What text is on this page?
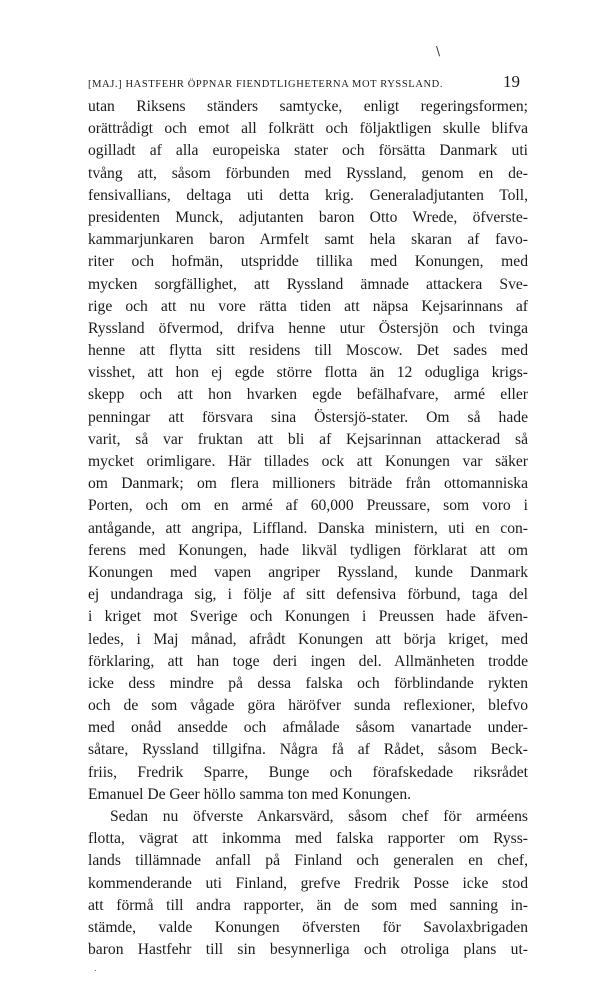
\
[MAJ.] HASTFEHR ÖPPNAR FIENDTLIGHETERNA MOT RYSSLAND.	19
utan Riksens ständers samtycke, enligt regeringsformen;
orättrådigt och emot all folkrätt och följaktligen skulle blifva
ogilladt af alla europeiska stater och försätta Danmark uti
tvång att, såsom förbunden med Ryssland, genom en de-
fensivallians, deltaga uti detta krig. Generaladjutanten Toll,
presidenten Munck, adjutanten baron Otto Wrede, öfverste-
kammarjunkaren baron Armfelt samt hela skaran af favo-
riter och hofmän, utspridde tillika med Konungen, med
mycken sorgfällighet, att Ryssland ämnade attackera Sve-
rige och att nu vore rätta tiden att näpsa Kejsarinnans af
Ryssland öfvermod, drifva henne utur Östersjön och tvinga
henne att flytta sitt residens till Moscow. Det sades med
visshet, att hon ej egde större flotta än 12 odugliga krigs-
skepp och att hon hvarken egde befälhafvare, armé eller
penningar att försvara sina Östersjö-stater. Om så hade
varit, så var fruktan att bli af Kejsarinnan attackerad så
mycket orimligare. Här tillades ock att Konungen var säker
om Danmark; om flera millioners biträde från ottomanniska
Porten, och om en armé af 60,000 Preussare, som voro i
antågande, att angripa, Liffland. Danska ministern, uti en con-
ferens med Konungen, hade likväl tydligen förklarat att om
Konungen med vapen angriper Ryssland, kunde Danmark
ej undandraga sig, i följe af sitt defensiva förbund, taga del
i kriget mot Sverige och Konungen i Preussen hade äfven-
ledes, i Maj månad, afrådt Konungen att börja kriget, med
förklaring, att han toge deri ingen del. Allmänheten trodde
icke dess mindre på dessa falska och förblindande rykten
och de som vågade göra häröfver sunda reflexioner, blefvo
med onåd ansedde och afmålade såsom vanartade under-
såtare, Ryssland tillgifna. Några få af Rådet, såsom Beck-
friis, Fredrik Sparre, Bunge och förafskedade riksrådet
Emanuel De Geer höllo samma ton med Konungen.
Sedan nu öfverste Ankarsvärd, såsom chef för arméens
flotta, vägrat att inkomma med falska rapporter om Ryss-
lands tillämnade anfall på Finland och generalen en chef,
kommenderande uti Finland, grefve Fredrik Posse icke stod
att förmå till andra rapporter, än de som med sanning in-
stämde, valde Konungen öfversten för Savolaxbrigaden
baron Hastfehr till sin besynnerliga och otroliga plans ut-
.
